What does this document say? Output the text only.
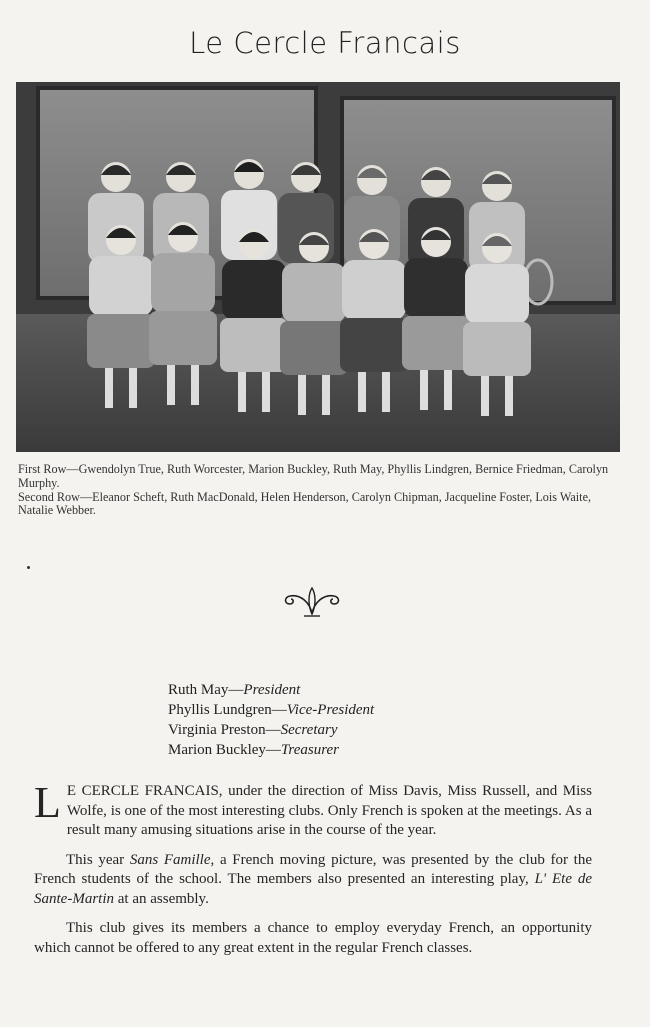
Le Cercle Francais

First Row—Gwendolyn True, Ruth Worcester, Marion Buckley, Ruth May, Phyllis Lindgren, Bernice Friedman, Carolyn Murphy.

Second Row—Eleanor Scheft, Ruth MacDonald, Helen Henderson, Carolyn Chipman, Jacqueline Foster, Lois Waite, Natalie Webber.

Ruth May—President
Phyllis Lundgren—Vice-President
Virginia Preston—Secretary
Marion Buckley—Treasurer

L E CERCLE FRANCAIS, under the direction of Miss Davis, Miss Russell, and Miss Wolfe, is one of the most interesting clubs. Only French is spoken at the meetings. As a result many amusing situations arise in the course of the year.

This year Sans Famille, a French moving picture, was presented by the club for the French students of the school. The members also presented an interesting play, L' Ete de Sante-Martin at an assembly.

This club gives its members a chance to employ everyday French, an opportunity which cannot be offered to any great extent in the regular French classes.
